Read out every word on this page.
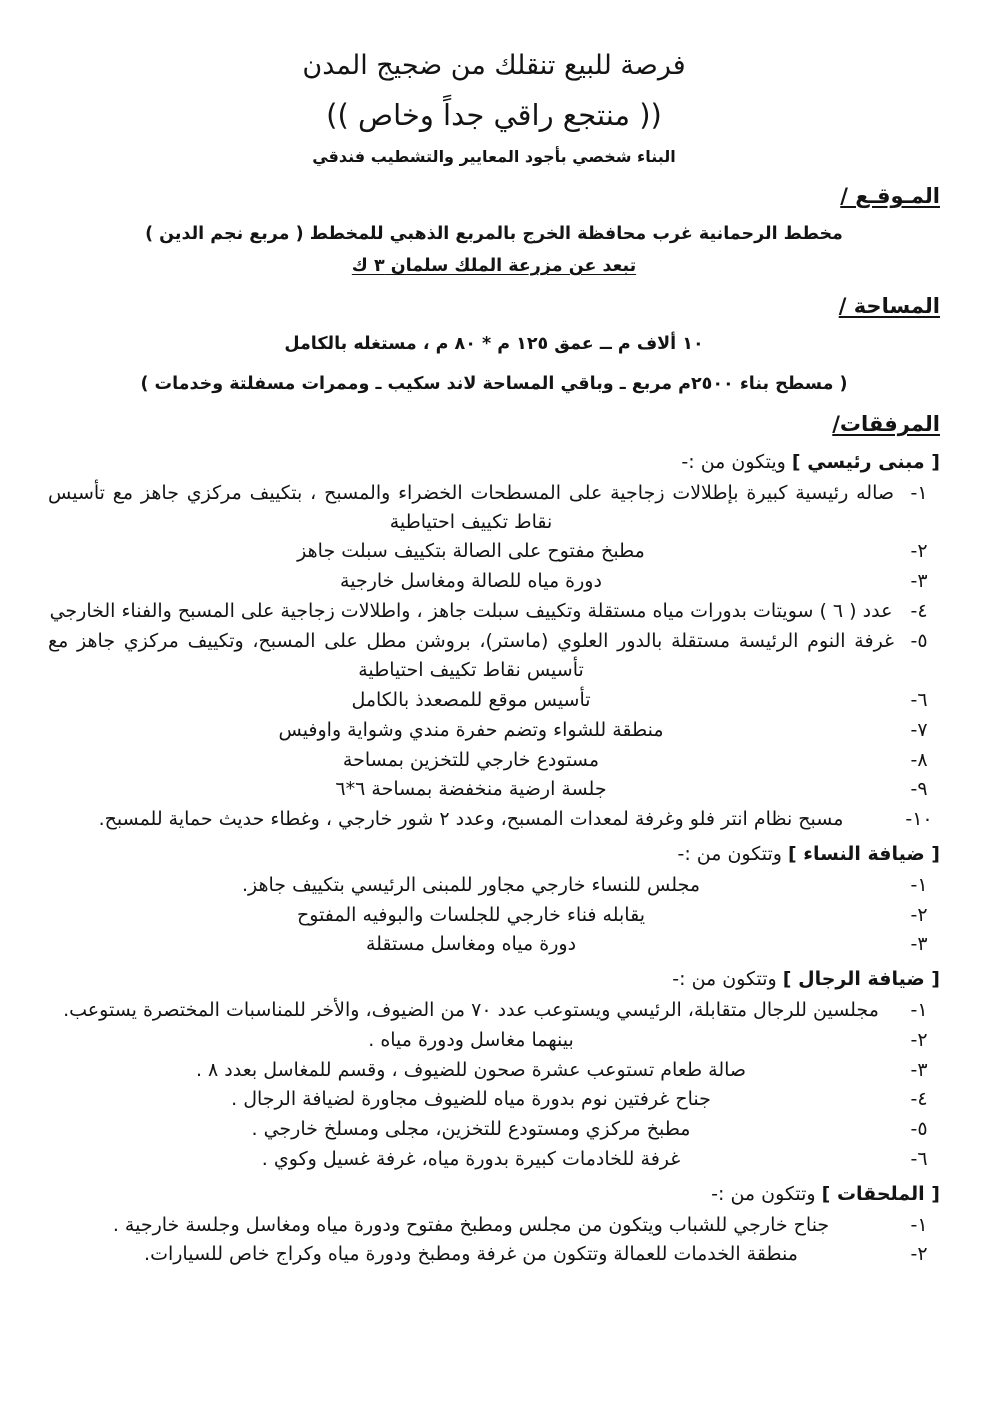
فرصة للبيع تنقلك من ضجيج المدن
(( منتجع راقي جداً وخاص ))
البناء شخصي بأجود المعايير والتشطيب فندقي
المـوقـع /
مخطط الرحمانية غرب محافظة الخرج بالمربع الذهبي للمخطط ( مربع نجم الدين )
تبعد عن مزرعة الملك سلمان ٣ ك
المساحة /
١٠ ألاف م ــ عمق ١٢٥ م * ٨٠ م ، مستغله بالكامل
( مسطح بناء ٢٥٠٠م مربع ـ وباقي المساحة لاند سكيب ـ وممرات مسفلتة وخدمات )
المرفقات/
[ مبنى رئيسي ] ويتكون من :-
١-
صاله رئيسية كبيرة بإطلالات زجاجية على المسطحات الخضراء والمسبح ، بتكييف مركزي جاهز مع تأسيس نقاط تكييف احتياطية
٢-
مطبخ مفتوح على الصالة بتكييف سبلت جاهز
٣-
دورة مياه للصالة ومغاسل خارجية
٤-
عدد ( ٦ ) سويتات بدورات مياه مستقلة وتكييف سبلت جاهز ، واطلالات زجاجية على المسبح والفناء الخارجي
٥-
غرفة النوم الرئيسة مستقلة بالدور العلوي (ماستر)، بروشن مطل على المسبح، وتكييف مركزي جاهز مع تأسيس نقاط تكييف احتياطية
٦-
تأسيس موقع للمصعدذ بالكامل
٧-
منطقة للشواء وتضم حفرة مندي وشواية واوفيس
٨-
مستودع خارجي للتخزين بمساحة
٩-
جلسة ارضية منخفضة بمساحة ٦*٦
١٠-
مسبح نظام انتر فلو وغرفة لمعدات المسبح، وعدد ٢ شور خارجي ، وغطاء حديث حماية للمسبح.
[ ضيافة النساء ] وتتكون من :-
١-
مجلس للنساء خارجي مجاور للمبنى الرئيسي بتكييف جاهز.
٢-
يقابله فناء خارجي للجلسات والبوفيه المفتوح
٣-
دورة مياه ومغاسل مستقلة
[ ضيافة الرجال ] وتتكون من :-
١-
مجلسين للرجال متقابلة، الرئيسي ويستوعب عدد ٧٠ من الضيوف، والأخر للمناسبات المختصرة يستوعب.
٢-
بينهما مغاسل ودورة مياه .
٣-
صالة طعام تستوعب عشرة صحون للضيوف ، وقسم للمغاسل بعدد ٨ .
٤-
جناح غرفتين نوم بدورة مياه للضيوف مجاورة لضيافة الرجال .
٥-
مطبخ مركزي ومستودع للتخزين، مجلى ومسلخ خارجي .
٦-
غرفة للخادمات كبيرة بدورة مياه، غرفة غسيل وكوي .
[ الملحقات ] وتتكون من :-
١-
جناح خارجي للشباب ويتكون من مجلس ومطبخ مفتوح ودورة مياه ومغاسل وجلسة خارجية .
٢-
منطقة الخدمات للعمالة وتتكون من غرفة ومطبخ ودورة مياه وكراج خاص للسيارات.
